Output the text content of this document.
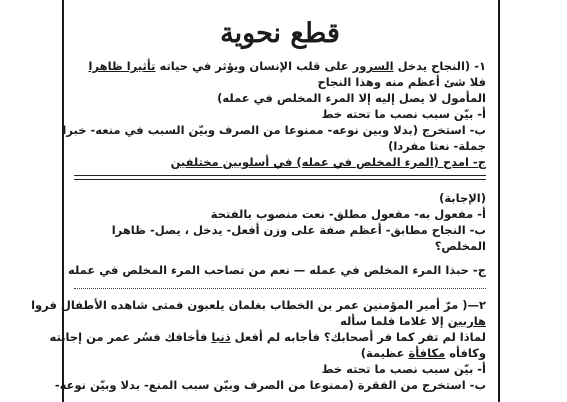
قطع نحوية
١- (النجاح يدخل السرور على قلب الإنسان ويؤثر في حياته تأثيرا ظاهرا
فلا شئ أعظم منه وهذا النجاح
المأمول لا يصل إليه إلا المرء المخلص في عمله)
أ- بيّن سبب نصب ما تحته خط
ب- استخرج (بدلا وبين نوعه- ممنوعا من الصرف وبيّن السبب في منعه- خبرا
جملة- نعتا مفردا)
ج- امدح (المرء المخلص في عمله) في أسلوبين مختلفين
(الإجابة)
أ- مفعول به- مفعول مطلق- نعت منصوب بالفتحة
ب- النجاح مطابق- أعظم صفة على وزن أفعل- يدخل ، يصل- ظاهرا
المخلص؟
ج- حبذا المرء المخلص في عمله — نعم من تصاحب المرء المخلص في عمله
٢—( مرّ أمير المؤمنين عمر بن الخطاب بغلمان يلعبون فمتى شاهده الأطفال فروا
هاربين إلا غلاما فلما سأله
لماذا لم تفر كما فر أصحابك؟ فأجابه لم أفعل ذنبا فأخافك فسُر عمر من إجابته
وكافأه مكافأة عظيمة)
أ- بيّن سبب نصب ما تحته خط
ب- استخرج من الفقرة (ممنوعا من الصرف وبيّن سبب المنع- بدلا وبيّن نوعه-
